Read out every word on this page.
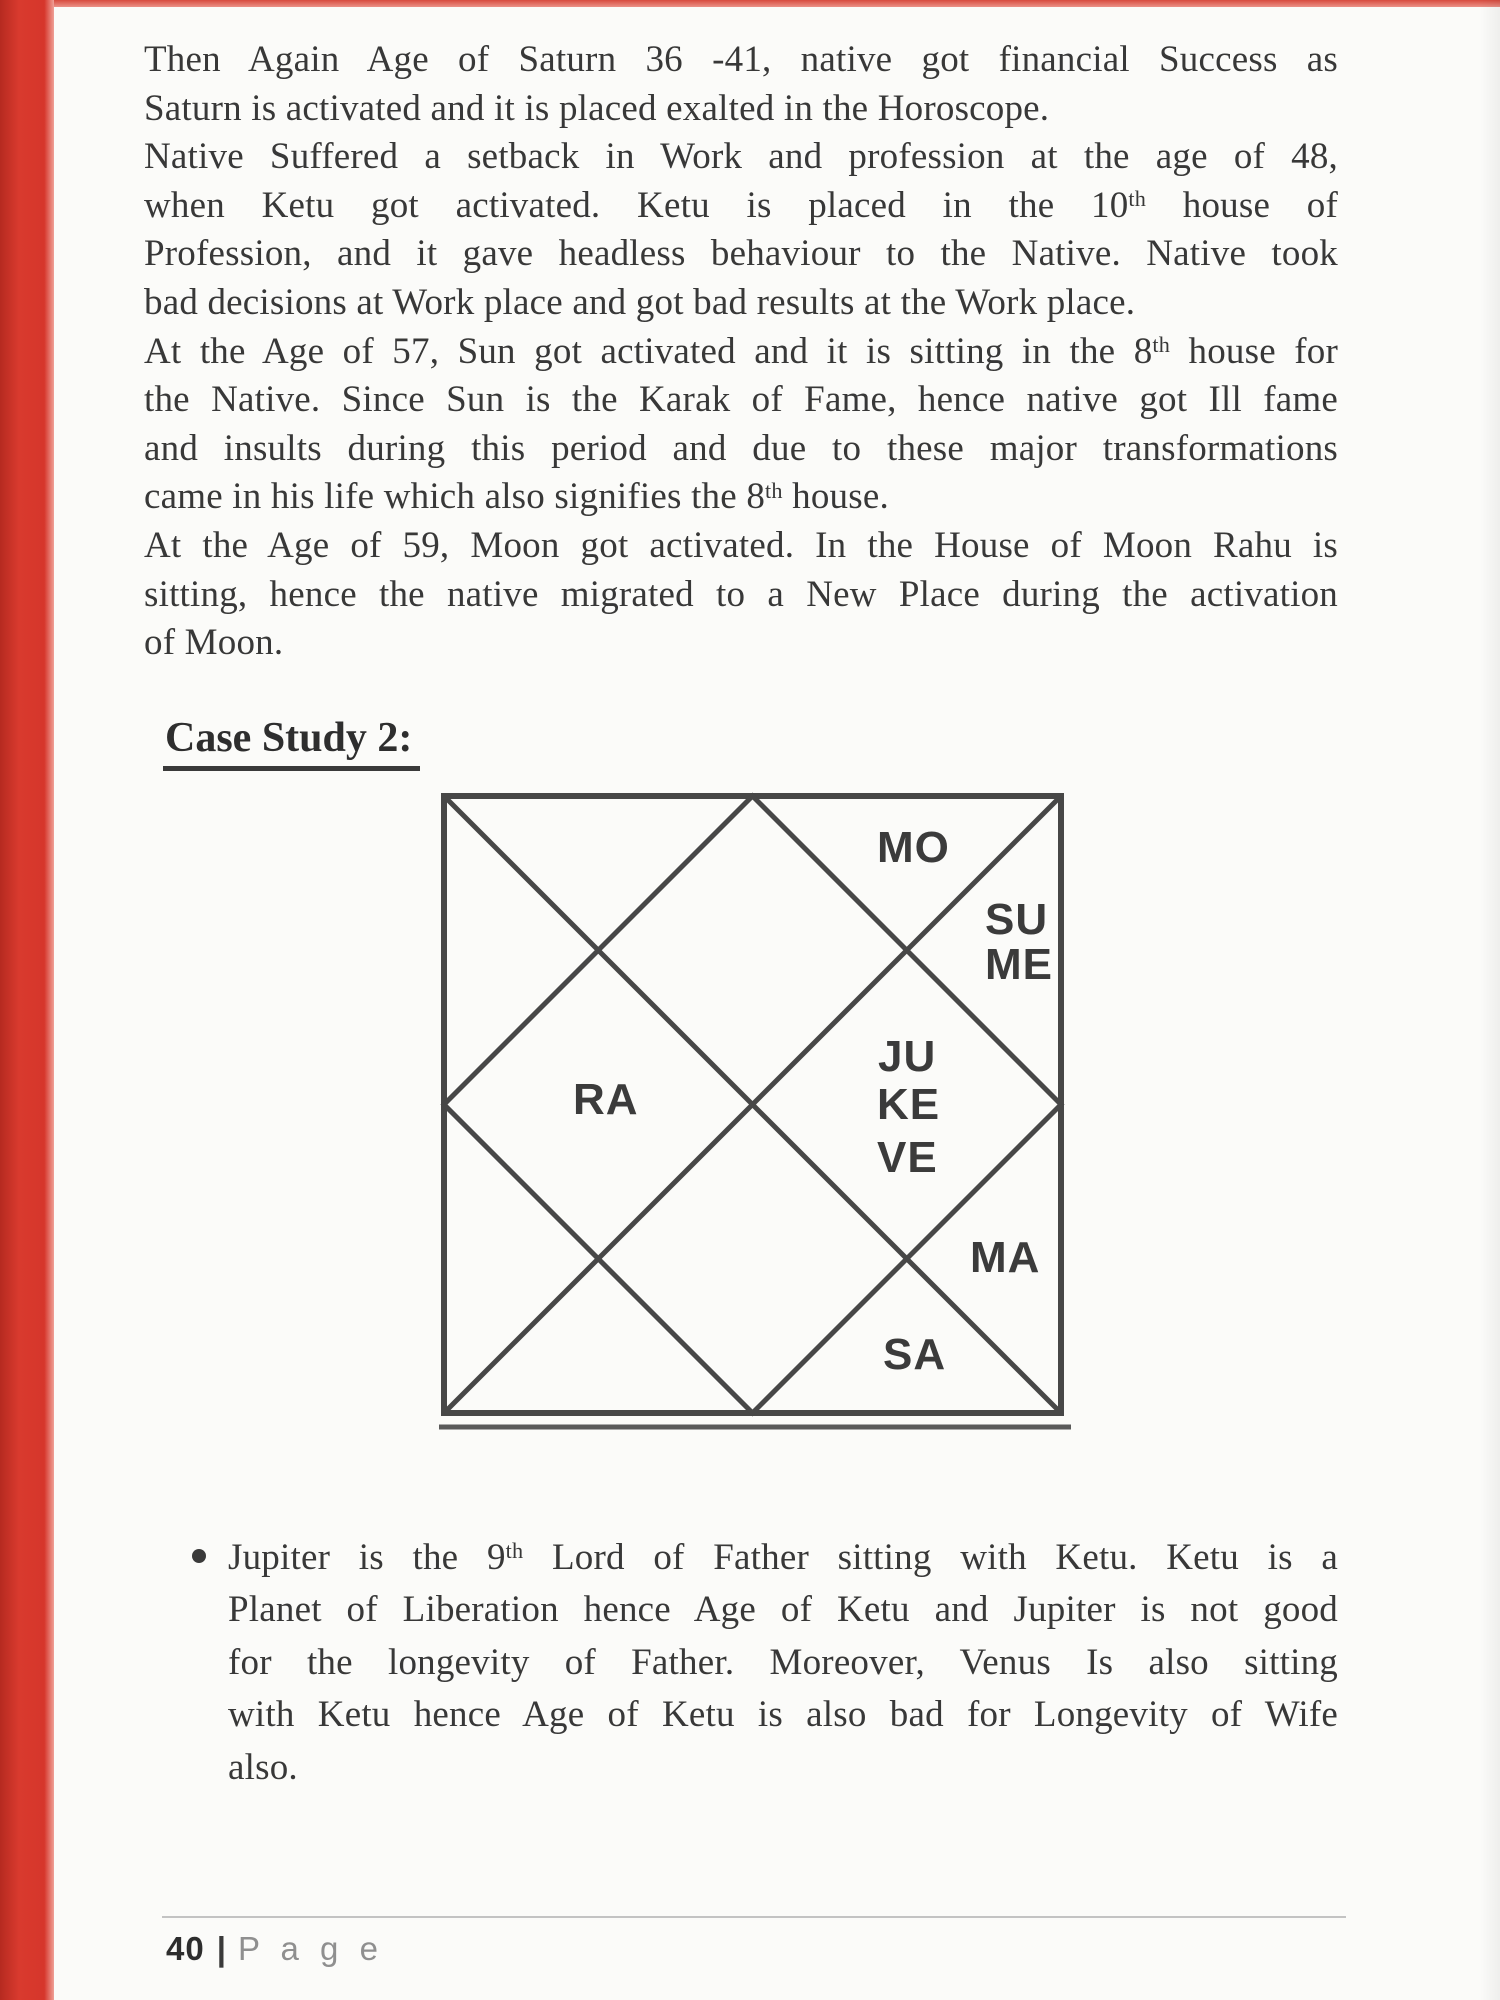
Then Again Age of Saturn 36 -41, native got financial Success as
Saturn is activated and it is placed exalted in the Horoscope.
Native Suffered a setback in Work and profession at the age of 48,
when Ketu got activated. Ketu is placed in the 10th house of
Profession, and it gave headless behaviour to the Native. Native took
bad decisions at Work place and got bad results at the Work place.
At the Age of 57, Sun got activated and it is sitting in the 8th house for
the Native. Since Sun is the Karak of Fame, hence native got Ill fame
and insults during this period and due to these major transformations
came in his life which also signifies the 8th house.
At the Age of 59, Moon got activated. In the House of Moon Rahu is
sitting, hence the native migrated to a New Place during the activation
of Moon.
Case Study 2:
MO
SU
ME
JU
KE
VE
RA
MA
SA
Jupiter is the 9th Lord of Father sitting with Ketu. Ketu is a
Planet of Liberation hence Age of Ketu and Jupiter is not good
for the longevity of Father. Moreover, Venus Is also sitting
with Ketu hence Age of Ketu is also bad for Longevity of Wife
also.
40 | P a g e
